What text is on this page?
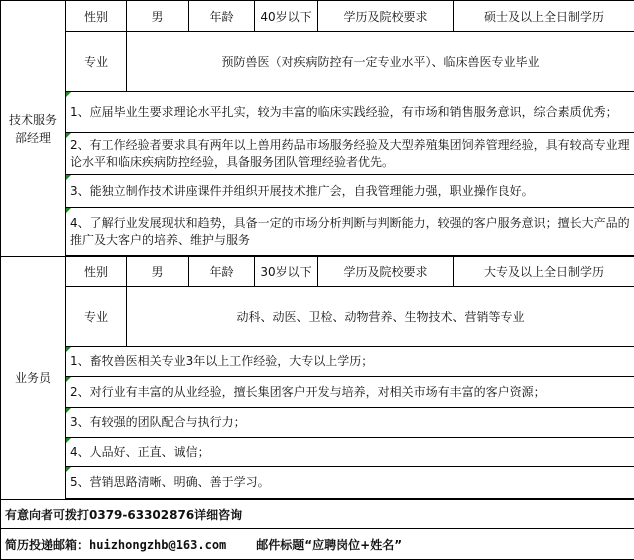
技术服务
部经理	性别	男	年龄	40岁以下	学历及院校要求	硕士及以上全日制学历
	专业	预防兽医（对疾病防控有一定专业水平）、临床兽医专业毕业				
	1、应届毕业生要求理论水平扎实，较为丰富的临床实践经验，有市场和销售服务意识，综合素质优秀；					
	2、有工作经验者要求具有两年以上兽用药品市场服务经验及大型养殖集团饲养管理经验，具有较高专业理论水平和临床疾病防控经验，具备服务团队管理经验者优先。					
	3、能独立制作技术讲座课件并组织开展技术推广会，自我管理能力强，职业操作良好。					
	4、了解行业发展现状和趋势，具备一定的市场分析判断与判断能力，较强的客户服务意识；擅长大产品的推广及大客户的培养、维护与服务					

业务员	性别	男	年龄	30岁以下	学历及院校要求	大专及以上全日制学历
	专业	动科、动医、卫检、动物营养、生物技术、营销等专业				
	1、畜牧兽医相关专业3年以上工作经验，大专以上学历；					
	2、对行业有丰富的从业经验，擅长集团客户开发与培养，对相关市场有丰富的客户资源；					
	3、有较强的团队配合与执行力；					
	4、人品好、正直、诚信；					
	5、营销思路清晰、明确、善于学习。					

有意向者可拨打0379-63302876详细咨询						
简历投递邮箱：huizhongzhb@163.com 邮件标题“应聘岗位+姓名”						
